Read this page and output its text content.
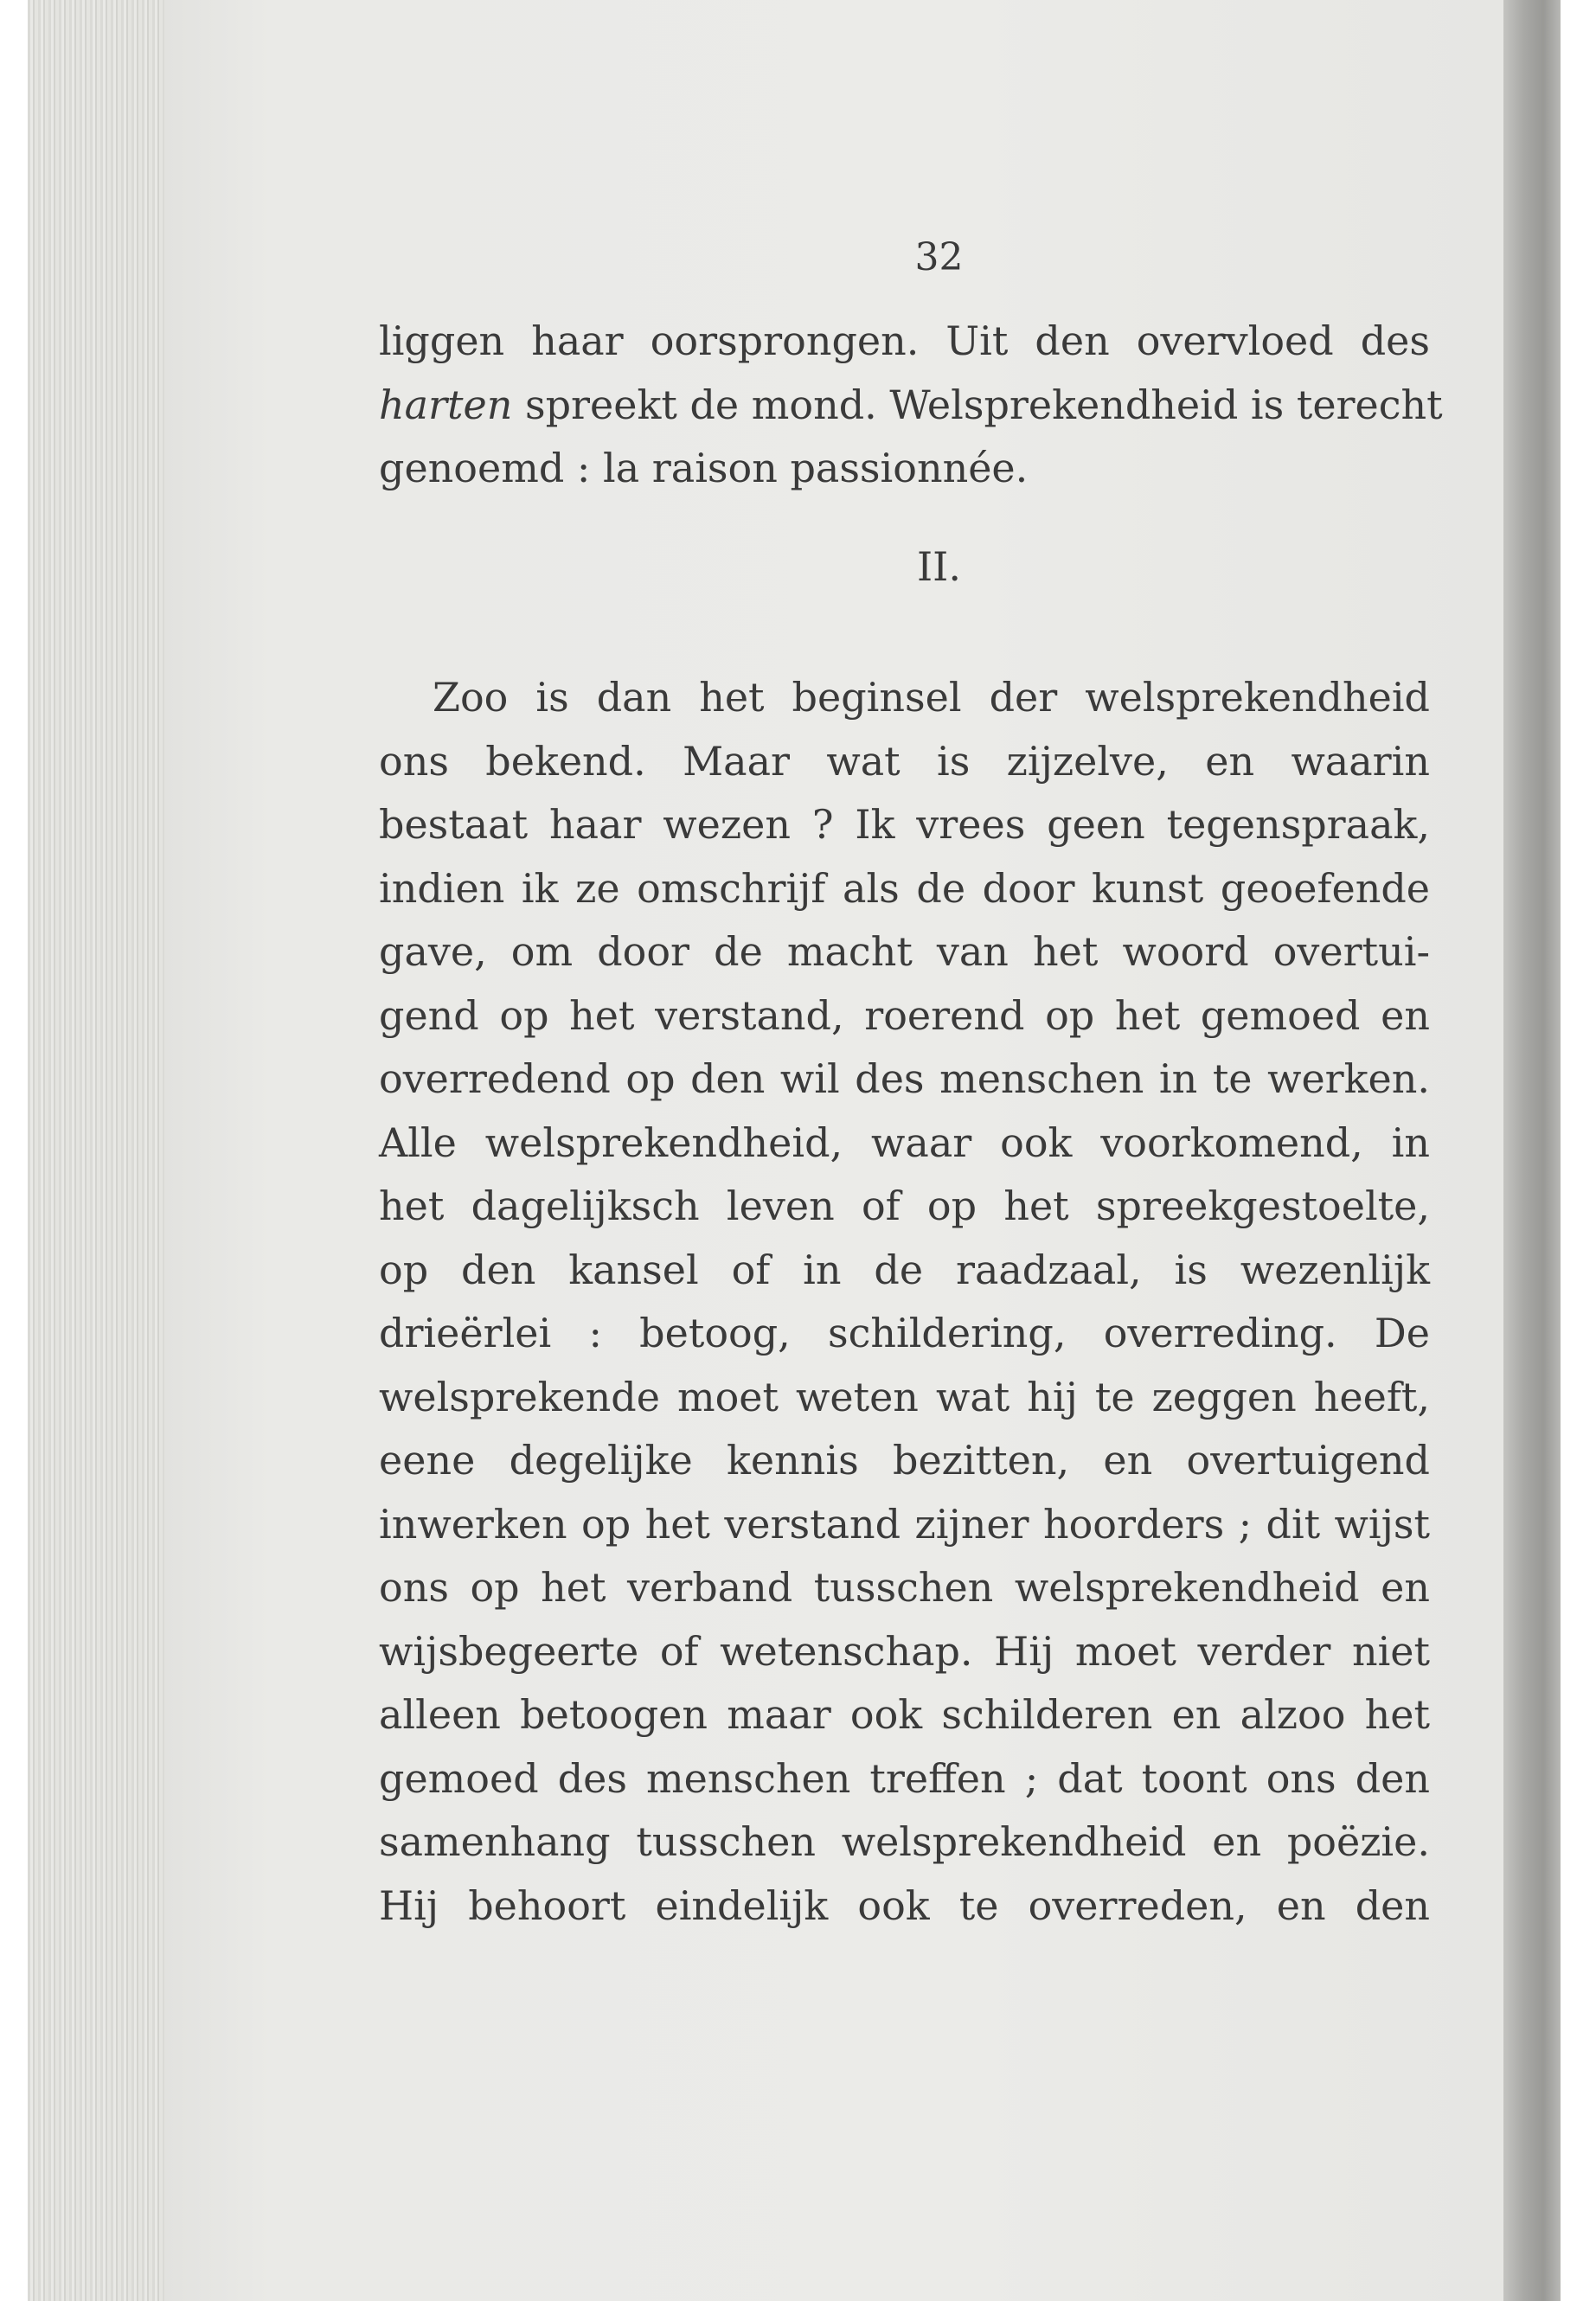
32
liggen haar oorsprongen. Uit den overvloed des
harten spreekt de mond. Welsprekendheid is terecht
genoemd : la raison passionnée.
II.
Zoo is dan het beginsel der welsprekendheid
ons bekend. Maar wat is zijzelve, en waarin
bestaat haar wezen ? Ik vrees geen tegenspraak,
indien ik ze omschrijf als de door kunst geoefende
gave, om door de macht van het woord overtui-
gend op het verstand, roerend op het gemoed en
overredend op den wil des menschen in te werken.
Alle welsprekendheid, waar ook voorkomend, in
het dagelijksch leven of op het spreekgestoelte,
op den kansel of in de raadzaal, is wezenlijk
drieërlei : betoog, schildering, overreding. De
welsprekende moet weten wat hij te zeggen heeft,
eene degelijke kennis bezitten, en overtuigend
inwerken op het verstand zijner hoorders ; dit wijst
ons op het verband tusschen welsprekendheid en
wijsbegeerte of wetenschap. Hij moet verder niet
alleen betoogen maar ook schilderen en alzoo het
gemoed des menschen treffen ; dat toont ons den
samenhang tusschen welsprekendheid en poëzie.
Hij behoort eindelijk ook te overreden, en den
